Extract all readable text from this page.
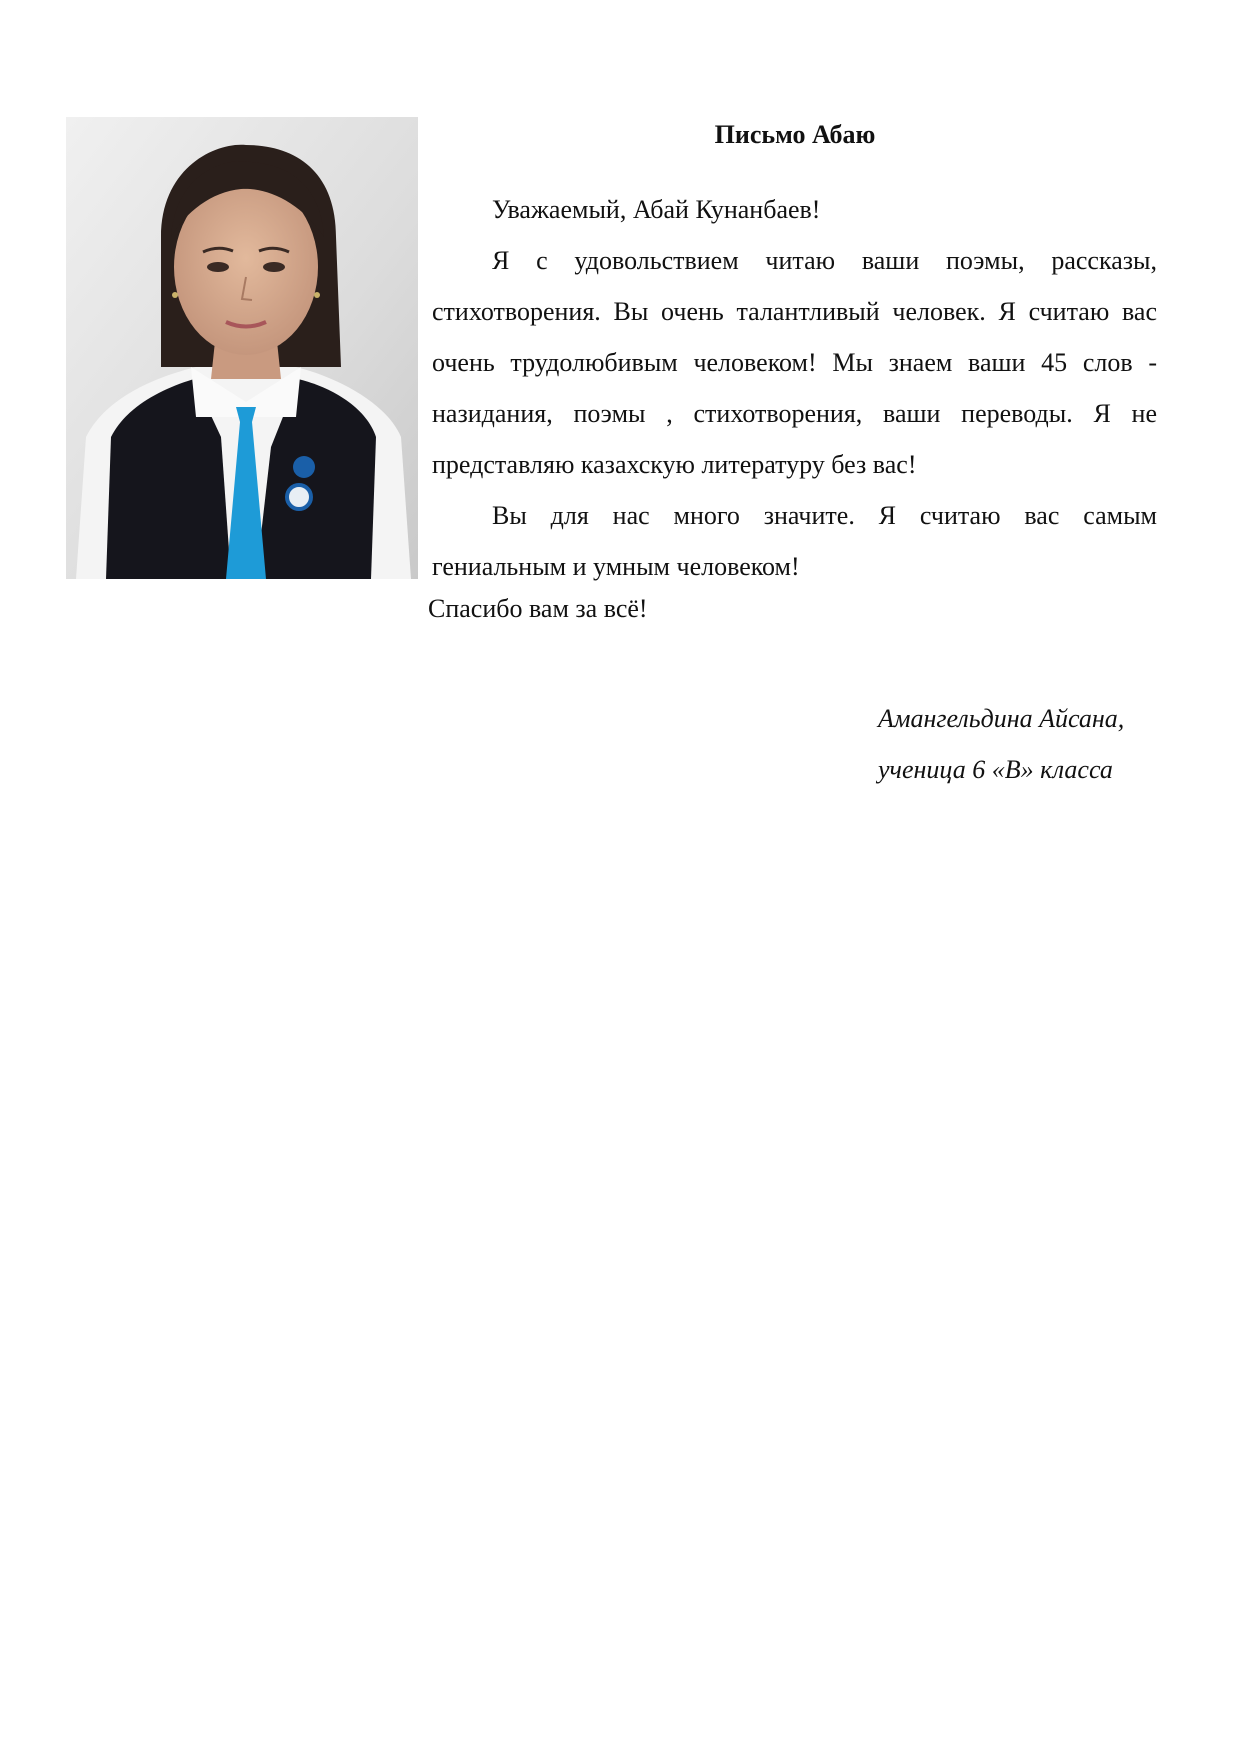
Письмо Абаю

Уважаемый, Абай Кунанбаев!

Я с удовольствием читаю ваши поэмы, рассказы, стихотворения. Вы очень талантливый человек. Я считаю вас очень трудолюбивым человеком! Мы знаем ваши 45 слов - назидания, поэмы , стихотворения, ваши переводы. Я не представляю казахскую литературу без вас!

Вы для нас много значите. Я считаю вас самым гениальным и умным человеком!

Спасибо вам за всё!

Амангельдина Айсана,
ученица 6 «В» класса
